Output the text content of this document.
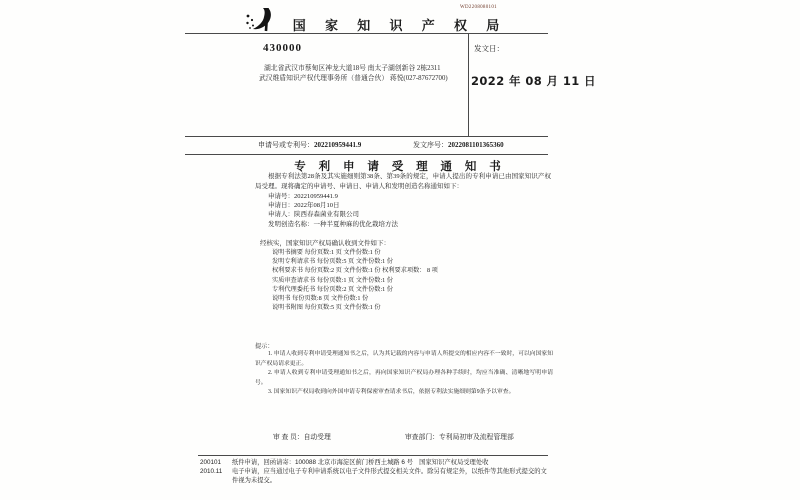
国 家 知 识 产 权 局
WD2208080101
430000
湖北省武汉市蔡甸区神龙大道18号 南太子湖创新谷 2栋2311
武汉维盾知识产权代理事务所（普通合伙） 蒋悦(027-87672700)
发文日：
2022 年 08 月 11 日
申请号或专利号：202210959441.9	发文序号：2022081101365360
专 利 申 请 受 理 通 知 书
根据专利法第28条及其实施细则第38条、第39条的规定，申请人提出的专利申请已由国家知识产权局受理。现将确定的申请号、申请日、申请人和发明创造名称通知如下：
申请号：202210959441.9
申请日：2022年08月10日
申请人：陕西春森菌业有限公司
发明创造名称：一种半夏种麻的优化栽培方法
经核实，国家知识产权局确认收到文件如下：
说明书摘要 每份页数:1 页 文件份数:1 份
发明专利请求书 每份页数:5 页 文件份数:1 份
权利要求书 每份页数:2 页 文件份数:1 份 权利要求项数： 8 项
实质审查请求书 每份页数:1 页 文件份数:1 份
专利代理委托书 每份页数:2 页 文件份数:1 份
说明书 每份页数:8 页 文件份数:1 份
说明书附图 每份页数:5 页 文件份数:1 份
提示：
1. 申请人收到专利申请受理通知书之后，认为其记载的内容与申请人所提交的相应内容不一致时，可以向国家知识产权局请求更正。
2. 申请人收到专利申请受理通知书之后，再向国家知识产权局办理各种手续时，均应当准确、清晰地写明申请号。
3. 国家知识产权局收到向外国申请专利保密审查请求书后，依据专利法实施细则第9条予以审查。
审 查 员：自动受理	审查部门：专利局初审及流程管理部
200101
2010.11
纸件申请，回函请寄：100088 北京市海淀区蓟门桥西土城路 6 号　国家知识产权局受理处收
电子申请，应当通过电子专利申请系统以电子文件形式提交相关文件。除另有规定外，以纸件等其他形式提交的文件视为未提交。
